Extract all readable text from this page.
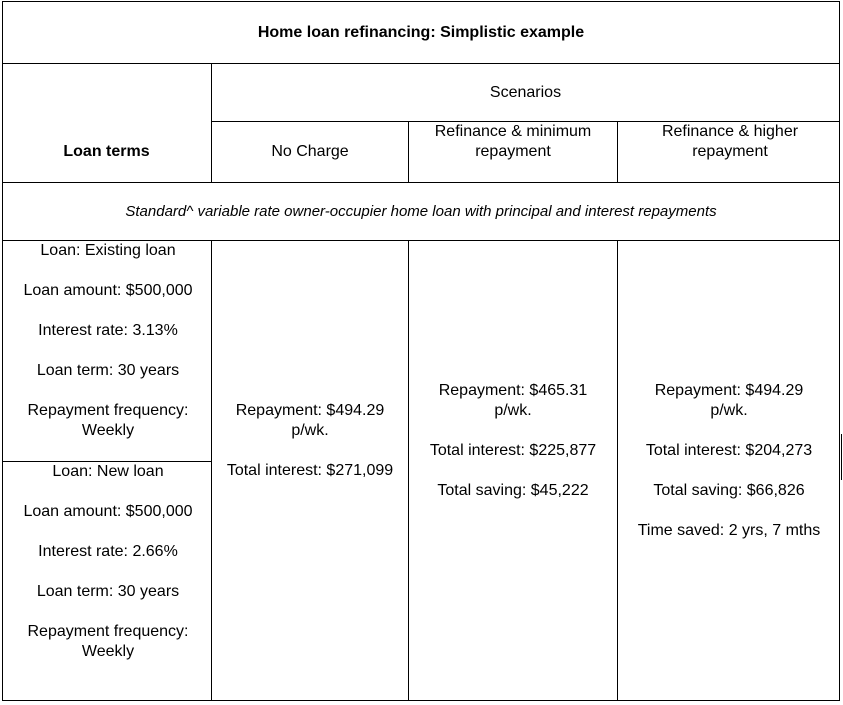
Home loan refinancing: Simplistic example
Scenarios
Loan terms	No Charge
Refinance & minimum repayment
Refinance & higher repayment
Standard^ variable rate owner-occupier home loan with principal and interest repayments

Loan: Existing loan

Loan amount: $500,000

Interest rate: 3.13%

Loan term: 30 years

Repayment frequency: Weekly

Loan: New loan

Loan amount: $500,000

Interest rate: 2.66%

Loan term: 30 years

Repayment frequency: Weekly

Repayment: $494.29 p/wk.

Total interest: $271,099

Repayment: $465.31 p/wk.

Total interest: $225,877

Total saving: $45,222

Repayment: $494.29 p/wk.

Total interest: $204,273

Total saving: $66,826

Time saved: 2 yrs, 7 mths
